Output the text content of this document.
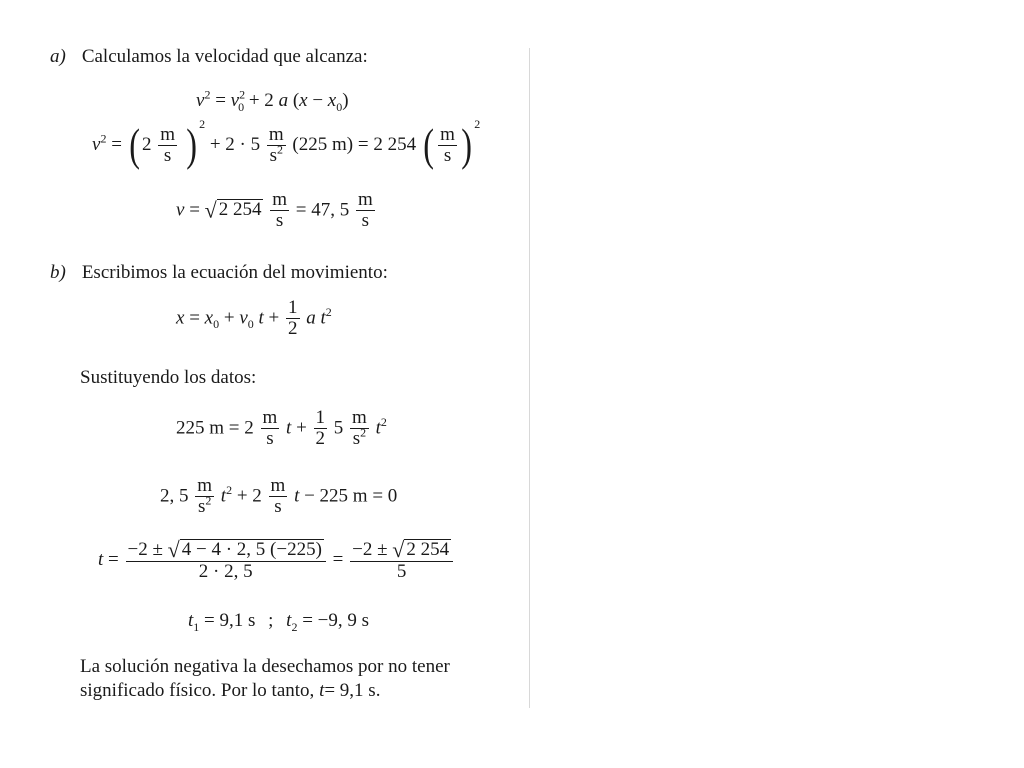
a) Calculamos la velocidad que alcanza:
$v^2 = v^2_0 + 2$ a $(x - x_0)$
$v^2$ = ( $2 \frac{m}{s}$ ) $^2 + 2 \cdot 5 \frac{m}{s^2} (225$ m) = 2 254 ( $\frac{m}{s}$ ) $^2$
v = √ 2 $254 \frac{m}{s} = 47$, $5 \frac{m}{s}$
b) Escribimos la ecuación del movimiento:
$x = x_0 + v_0$ $t + \frac{1}{2}$ a $t^2$
Sustituyendo los datos:
225 $m = 2 \frac{m}{s}$ $t + \frac{1}{2} 5 \frac{m}{s^2} t^2$
2, $5 \frac{m}{s^2} t^2 + 2 \frac{m}{s}$ t − 225 m = 0
$t = \frac{-2 \pm √ 4 - 4 \cdot 2, 5 (-225)}{2 \cdot 2, 5} = \frac{-2 \pm √ 2 254}{5}$
$t_1 = 9,1$ s ; $t_2 = -9$, 9 s
La solución negativa la desechamos por no tener
significado físico. Por lo tanto, t= 9,1 s.
